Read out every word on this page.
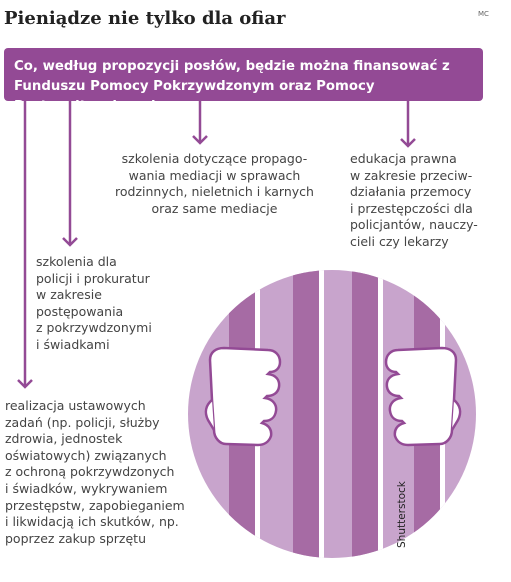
Pieniądze nie tylko dla ofiar	MC
Co, według propozycji posłów, będzie można finansować z Funduszu Pomocy Pokrzywdzonym oraz Pomocy Postpenitencjarnej:
realizacja ustawowych
zadań (np. policji, służby
zdrowia, jednostek
oświatowych) związanych
z ochroną pokrzywdzonych
i świadków, wykrywaniem
przestępstw, zapobieganiem
i likwidacją ich skutków, np.
poprzez zakup sprzętu
szkolenia dla
policji i prokuratur
w zakresie
postępowania
z pokrzywdzonymi
i świadkami
szkolenia dotyczące propago-
wania mediacji w sprawach
rodzinnych, nieletnich i karnych
oraz same mediacje
edukacja prawna
w zakresie przeciw-
działania przemocy
i przestępczości dla
policjantów, nauczy-
cieli czy lekarzy
Shutterstock
